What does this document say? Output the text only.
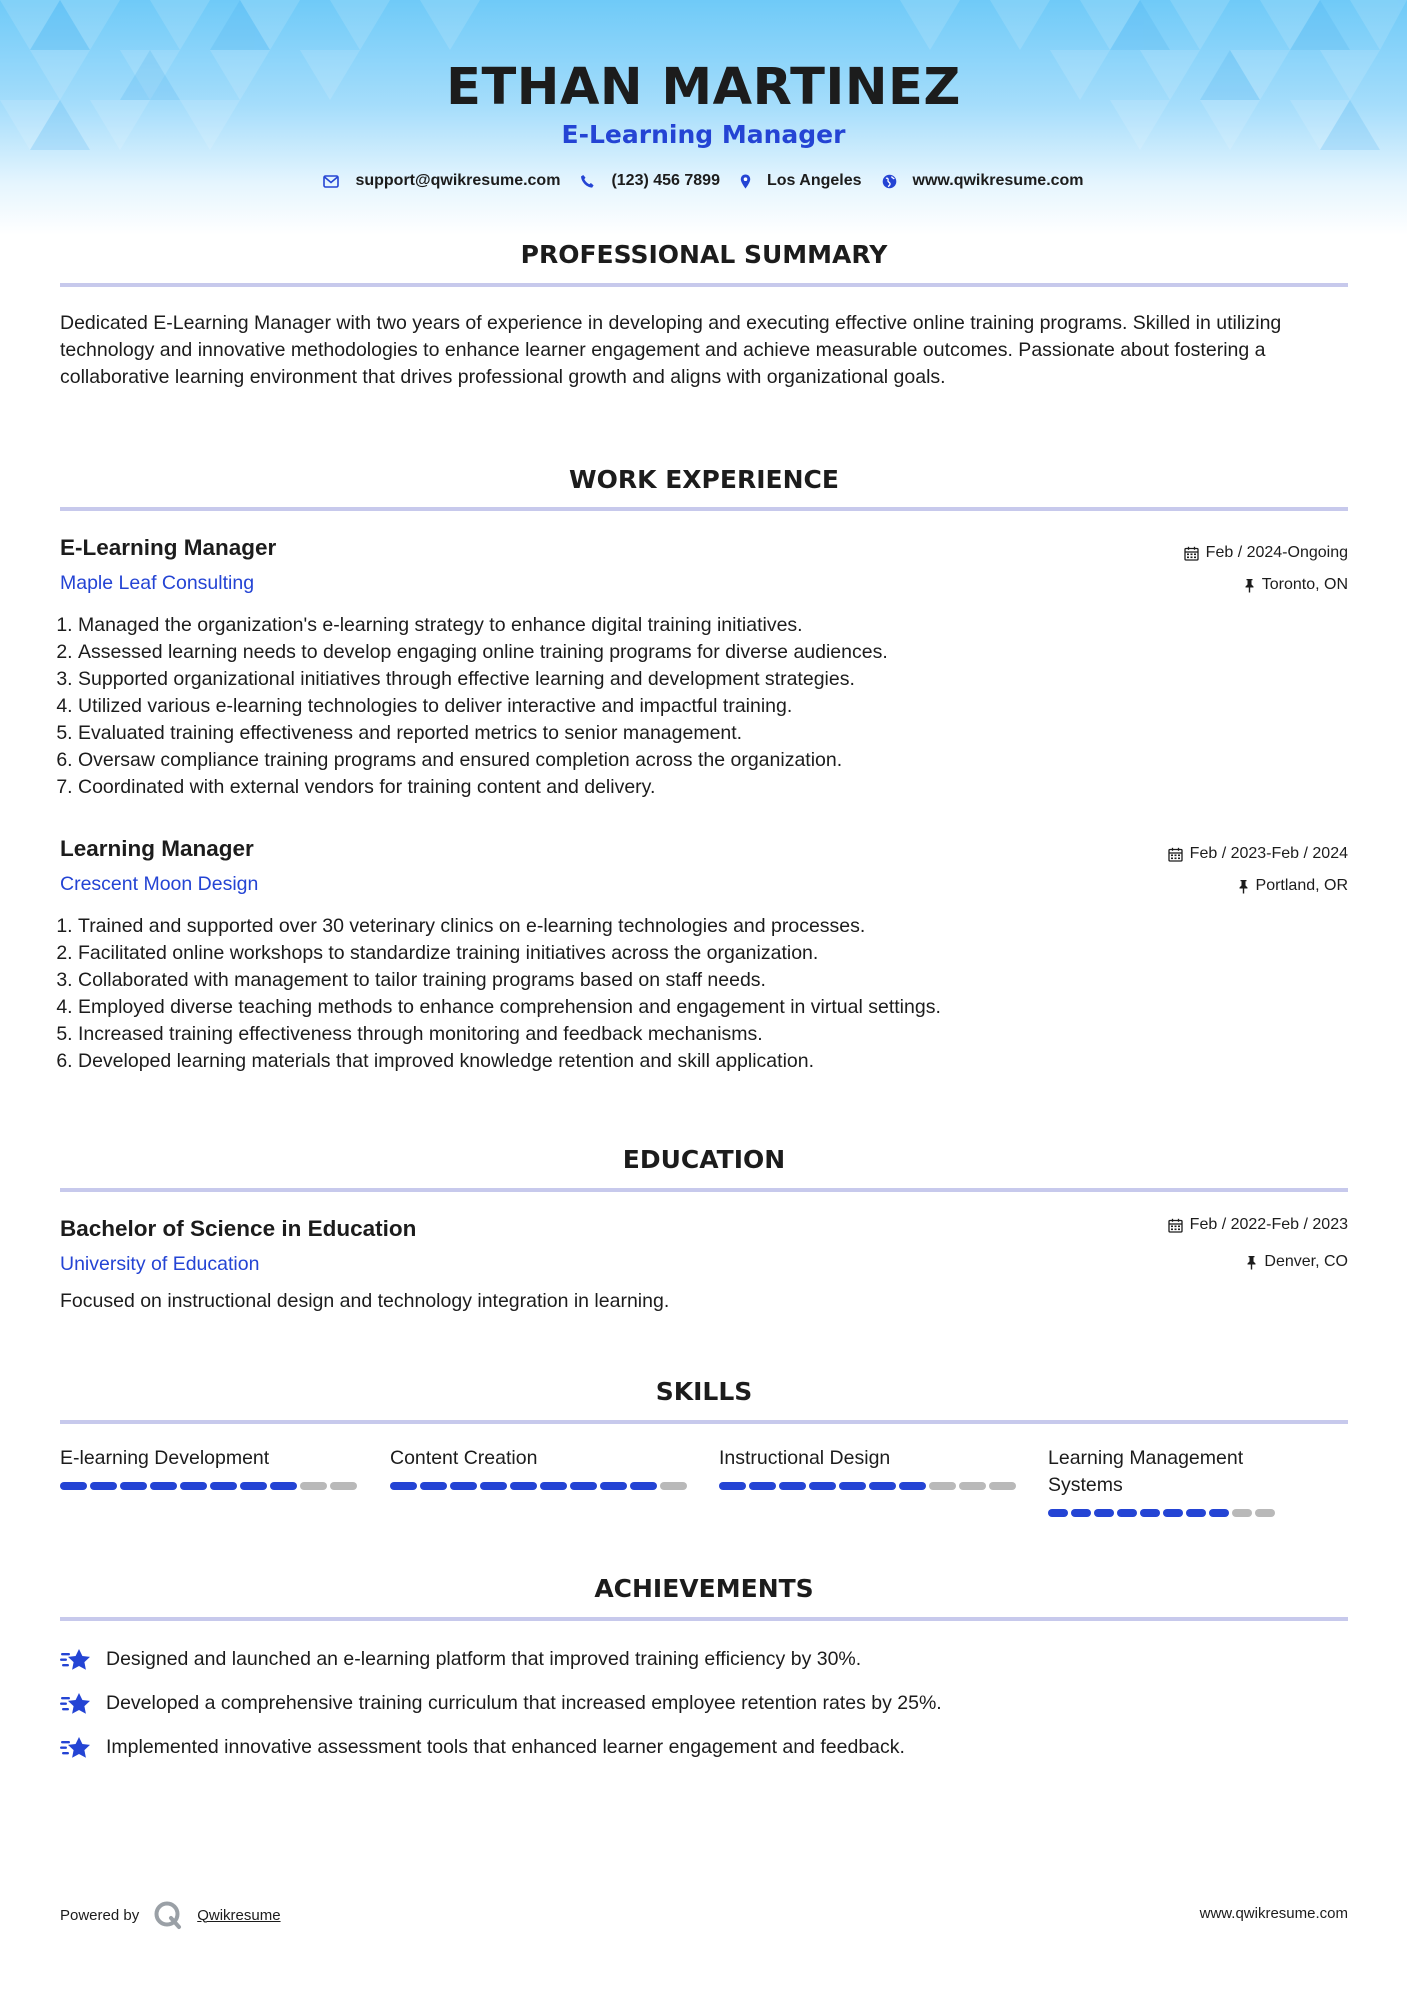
ETHAN MARTINEZ
E-Learning Manager
support@qwikresume.com	(123) 456 7899	Los Angeles	www.qwikresume.com
PROFESSIONAL SUMMARY
Dedicated E-Learning Manager with two years of experience in developing and executing effective online training programs. Skilled in utilizing technology and innovative methodologies to enhance learner engagement and achieve measurable outcomes. Passionate about fostering a collaborative learning environment that drives professional growth and aligns with organizational goals.
WORK EXPERIENCE
E-Learning Manager
Maple Leaf Consulting
Feb / 2024-Ongoing
Toronto, ON
1. Managed the organization's e-learning strategy to enhance digital training initiatives.
2. Assessed learning needs to develop engaging online training programs for diverse audiences.
3. Supported organizational initiatives through effective learning and development strategies.
4. Utilized various e-learning technologies to deliver interactive and impactful training.
5. Evaluated training effectiveness and reported metrics to senior management.
6. Oversaw compliance training programs and ensured completion across the organization.
7. Coordinated with external vendors for training content and delivery.
Learning Manager
Crescent Moon Design
Feb / 2023-Feb / 2024
Portland, OR
1. Trained and supported over 30 veterinary clinics on e-learning technologies and processes.
2. Facilitated online workshops to standardize training initiatives across the organization.
3. Collaborated with management to tailor training programs based on staff needs.
4. Employed diverse teaching methods to enhance comprehension and engagement in virtual settings.
5. Increased training effectiveness through monitoring and feedback mechanisms.
6. Developed learning materials that improved knowledge retention and skill application.
EDUCATION
Bachelor of Science in Education
University of Education
Feb / 2022-Feb / 2023
Denver, CO
Focused on instructional design and technology integration in learning.
SKILLS
E-learning Development	Content Creation	Instructional Design	Learning Management Systems
ACHIEVEMENTS
Designed and launched an e-learning platform that improved training efficiency by 30%.
Developed a comprehensive training curriculum that increased employee retention rates by 25%.
Implemented innovative assessment tools that enhanced learner engagement and feedback.
Powered by	Qwikresume	www.qwikresume.com
